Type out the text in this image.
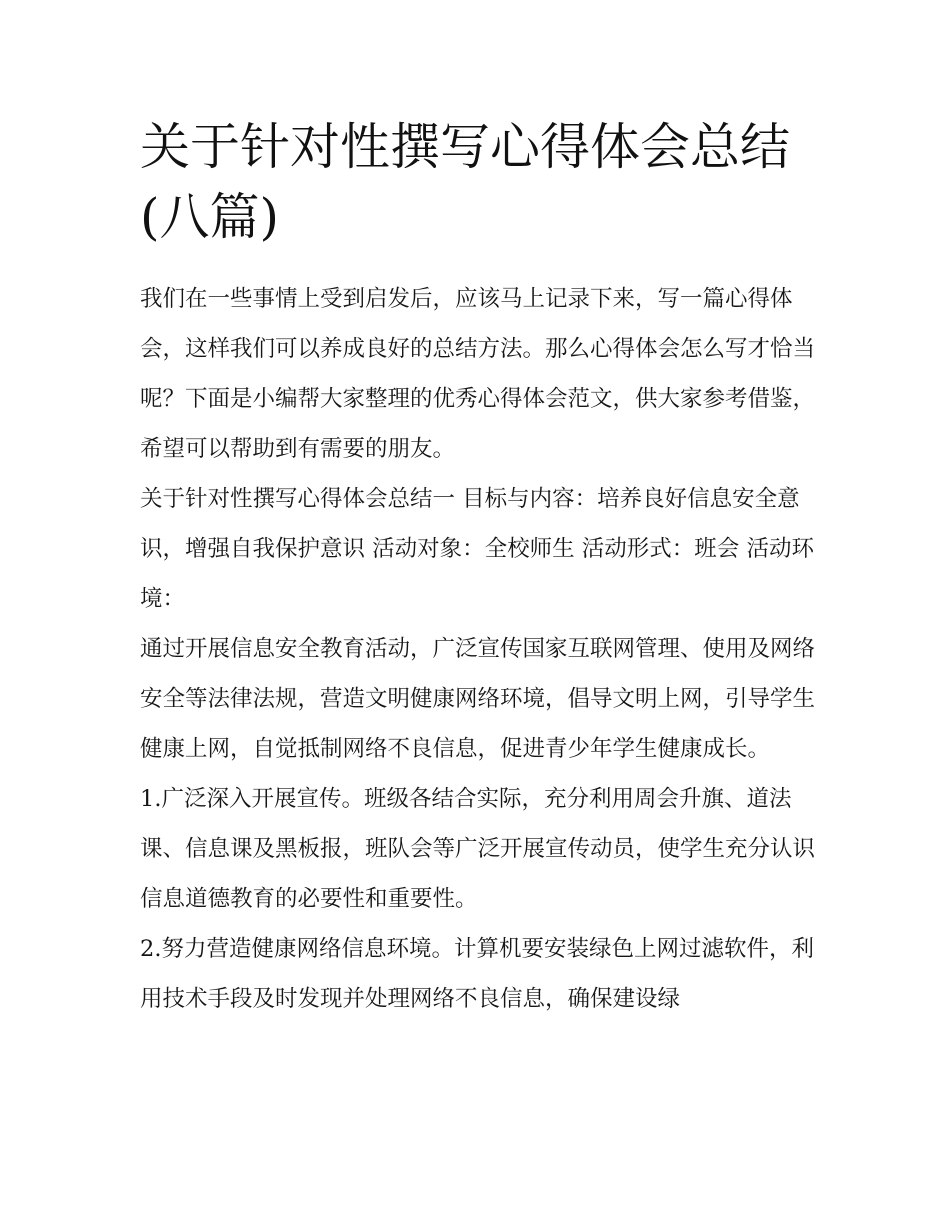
关于针对性撰写心得体会总结(八篇)

我们在一些事情上受到启发后，应该马上记录下来，写一篇心得体会，这样我们可以养成良好的总结方法。那么心得体会怎么写才恰当呢？下面是小编帮大家整理的优秀心得体会范文，供大家参考借鉴，希望可以帮助到有需要的朋友。

关于针对性撰写心得体会总结一 目标与内容：培养良好信息安全意识，增强自我保护意识 活动对象：全校师生 活动形式：班会 活动环境：

通过开展信息安全教育活动，广泛宣传国家互联网管理、使用及网络安全等法律法规，营造文明健康网络环境，倡导文明上网，引导学生健康上网，自觉抵制网络不良信息，促进青少年学生健康成长。

1.广泛深入开展宣传。班级各结合实际，充分利用周会升旗、道法课、信息课及黑板报，班队会等广泛开展宣传动员，使学生充分认识信息道德教育的必要性和重要性。

2.努力营造健康网络信息环境。计算机要安装绿色上网过滤软件，利用技术手段及时发现并处理网络不良信息，确保建设绿
